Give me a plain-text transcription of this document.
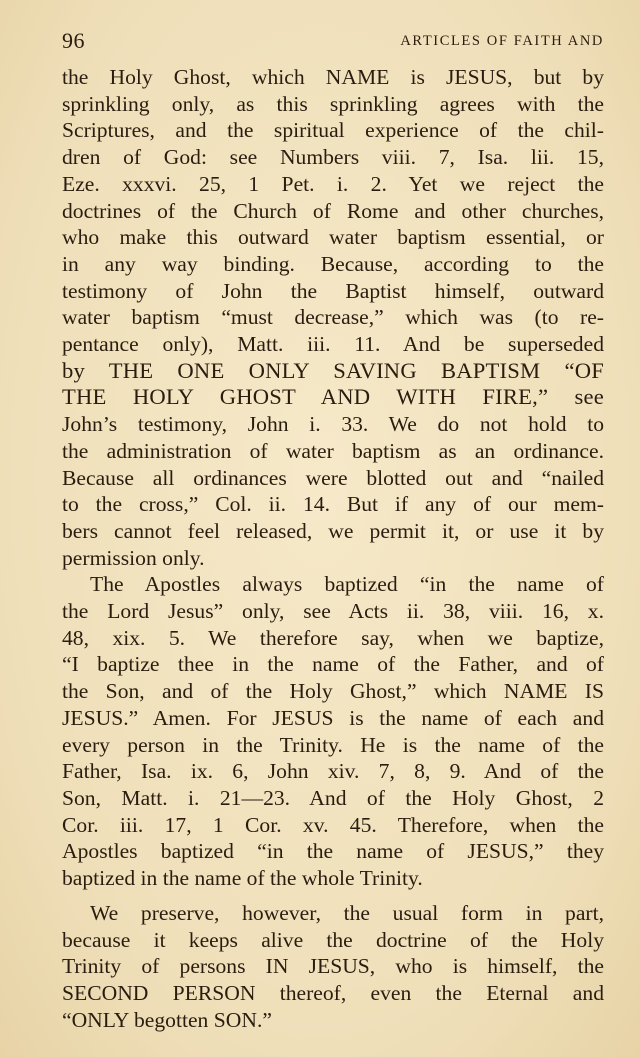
96	ARTICLES OF FAITH AND
the Holy Ghost, which NAME is JESUS, but by
sprinkling only, as this sprinkling agrees with the
Scriptures, and the spiritual experience of the chil-
dren of God: see Numbers viii. 7, Isa. lii. 15,
Eze. xxxvi. 25, 1 Pet. i. 2. Yet we reject the
doctrines of the Church of Rome and other churches,
who make this outward water baptism essential, or
in any way binding. Because, according to the
testimony of John the Baptist himself, outward
water baptism “must decrease,” which was (to re-
pentance only), Matt. iii. 11. And be superseded
by THE ONE ONLY SAVING BAPTISM “OF
THE HOLY GHOST AND WITH FIRE,” see
John’s testimony, John i. 33. We do not hold to
the administration of water baptism as an ordinance.
Because all ordinances were blotted out and “nailed
to the cross,” Col. ii. 14. But if any of our mem-
bers cannot feel released, we permit it, or use it by
permission only.
The Apostles always baptized “in the name of
the Lord Jesus” only, see Acts ii. 38, viii. 16, x.
48, xix. 5. We therefore say, when we baptize,
“I baptize thee in the name of the Father, and of
the Son, and of the Holy Ghost,” which NAME IS
JESUS.” Amen. For JESUS is the name of each and
every person in the Trinity. He is the name of the
Father, Isa. ix. 6, John xiv. 7, 8, 9. And of the
Son, Matt. i. 21—23. And of the Holy Ghost, 2
Cor. iii. 17, 1 Cor. xv. 45. Therefore, when the
Apostles baptized “in the name of JESUS,” they
baptized in the name of the whole Trinity.
We preserve, however, the usual form in part,
because it keeps alive the doctrine of the Holy
Trinity of persons IN JESUS, who is himself, the
SECOND PERSON thereof, even the Eternal and
“ONLY begotten SON.”
